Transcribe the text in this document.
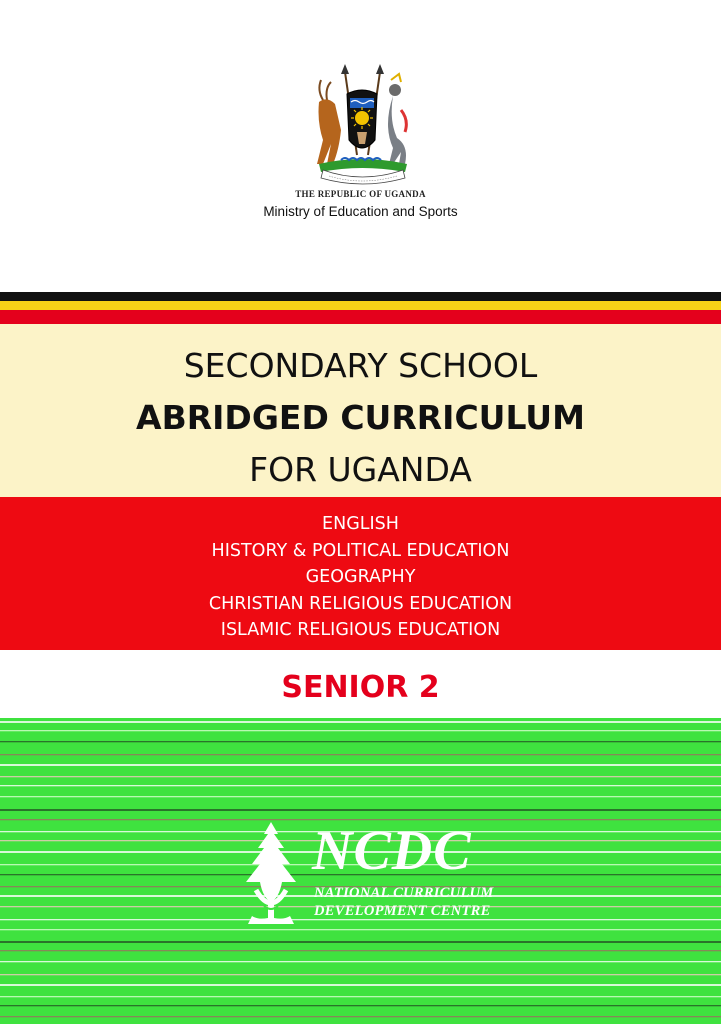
THE REPUBLIC OF UGANDA
Ministry of Education and Sports
SECONDARY SCHOOL
ABRIDGED CURRICULUM
FOR UGANDA
ENGLISH
HISTORY & POLITICAL EDUCATION
GEOGRAPHY
CHRISTIAN RELIGIOUS EDUCATION
ISLAMIC RELIGIOUS EDUCATION
SENIOR 2
NCDC
NATIONAL CURRICULUM
DEVELOPMENT CENTRE
